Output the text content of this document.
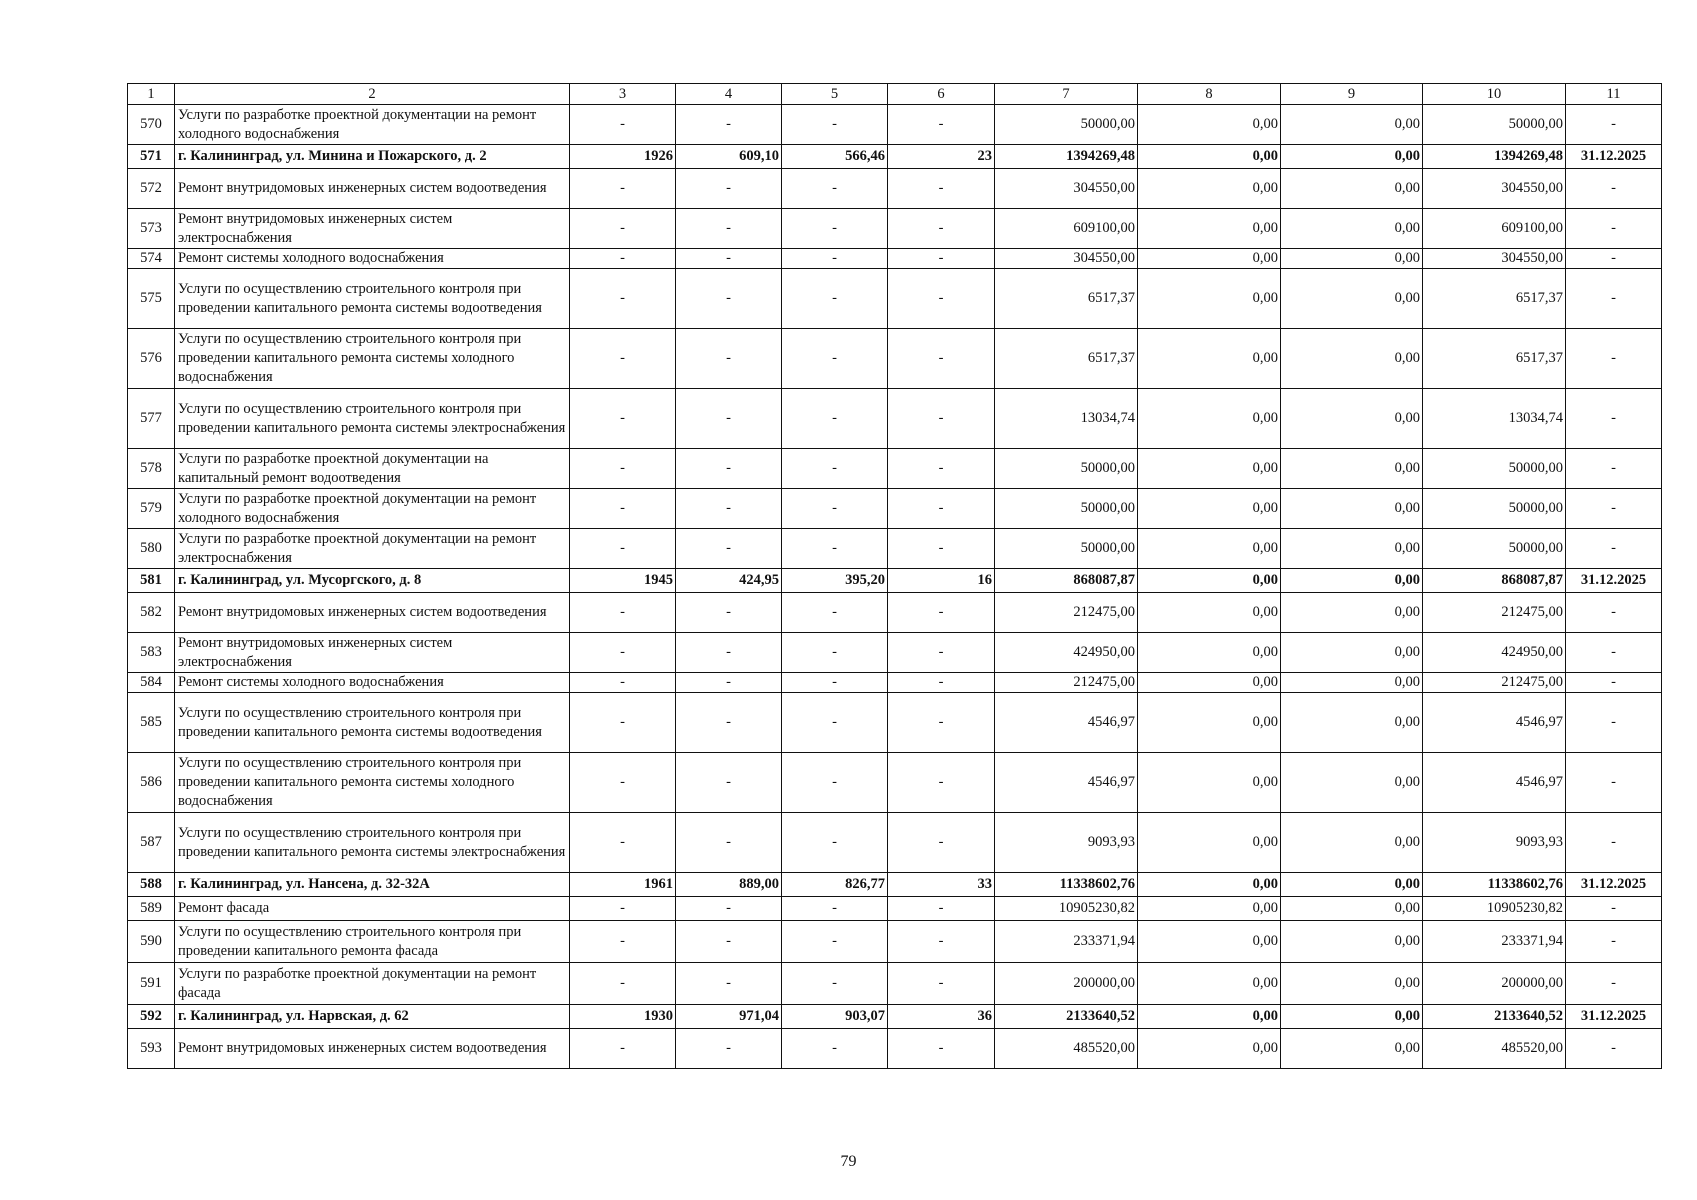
1	2	3	4	5	6	7	8	9	10	11
570	Услуги по разработке проектной документации на ремонт холодного водоснабжения	-	-	-	-	50000,00	0,00	0,00	50000,00	-
571	г. Калининград, ул. Минина и Пожарского, д. 2	1926	609,10	566,46	23	1394269,48	0,00	0,00	1394269,48	31.12.2025
572	Ремонт внутридомовых инженерных систем водоотведения	-	-	-	-	304550,00	0,00	0,00	304550,00	-
573	Ремонт внутридомовых инженерных систем электроснабжения	-	-	-	-	609100,00	0,00	0,00	609100,00	-
574	Ремонт системы холодного водоснабжения	-	-	-	-	304550,00	0,00	0,00	304550,00	-
575	Услуги по осуществлению строительного контроля при проведении капитального ремонта системы водоотведения	-	-	-	-	6517,37	0,00	0,00	6517,37	-
576	Услуги по осуществлению строительного контроля при проведении капитального ремонта системы холодного водоснабжения	-	-	-	-	6517,37	0,00	0,00	6517,37	-
577	Услуги по осуществлению строительного контроля при проведении капитального ремонта системы электроснабжения	-	-	-	-	13034,74	0,00	0,00	13034,74	-
578	Услуги по разработке проектной документации на капитальный ремонт водоотведения	-	-	-	-	50000,00	0,00	0,00	50000,00	-
579	Услуги по разработке проектной документации на ремонт холодного водоснабжения	-	-	-	-	50000,00	0,00	0,00	50000,00	-
580	Услуги по разработке проектной документации на ремонт электроснабжения	-	-	-	-	50000,00	0,00	0,00	50000,00	-
581	г. Калининград, ул. Мусоргского, д. 8	1945	424,95	395,20	16	868087,87	0,00	0,00	868087,87	31.12.2025
582	Ремонт внутридомовых инженерных систем водоотведения	-	-	-	-	212475,00	0,00	0,00	212475,00	-
583	Ремонт внутридомовых инженерных систем электроснабжения	-	-	-	-	424950,00	0,00	0,00	424950,00	-
584	Ремонт системы холодного водоснабжения	-	-	-	-	212475,00	0,00	0,00	212475,00	-
585	Услуги по осуществлению строительного контроля при проведении капитального ремонта системы водоотведения	-	-	-	-	4546,97	0,00	0,00	4546,97	-
586	Услуги по осуществлению строительного контроля при проведении капитального ремонта системы холодного водоснабжения	-	-	-	-	4546,97	0,00	0,00	4546,97	-
587	Услуги по осуществлению строительного контроля при проведении капитального ремонта системы электроснабжения	-	-	-	-	9093,93	0,00	0,00	9093,93	-
588	г. Калининград, ул. Нансена, д. 32-32А	1961	889,00	826,77	33	11338602,76	0,00	0,00	11338602,76	31.12.2025
589	Ремонт фасада	-	-	-	-	10905230,82	0,00	0,00	10905230,82	-
590	Услуги по осуществлению строительного контроля при проведении капитального ремонта фасада	-	-	-	-	233371,94	0,00	0,00	233371,94	-
591	Услуги по разработке проектной документации на ремонт фасада	-	-	-	-	200000,00	0,00	0,00	200000,00	-
592	г. Калининград, ул. Нарвская, д. 62	1930	971,04	903,07	36	2133640,52	0,00	0,00	2133640,52	31.12.2025
593	Ремонт внутридомовых инженерных систем водоотведения	-	-	-	-	485520,00	0,00	0,00	485520,00	-
79
